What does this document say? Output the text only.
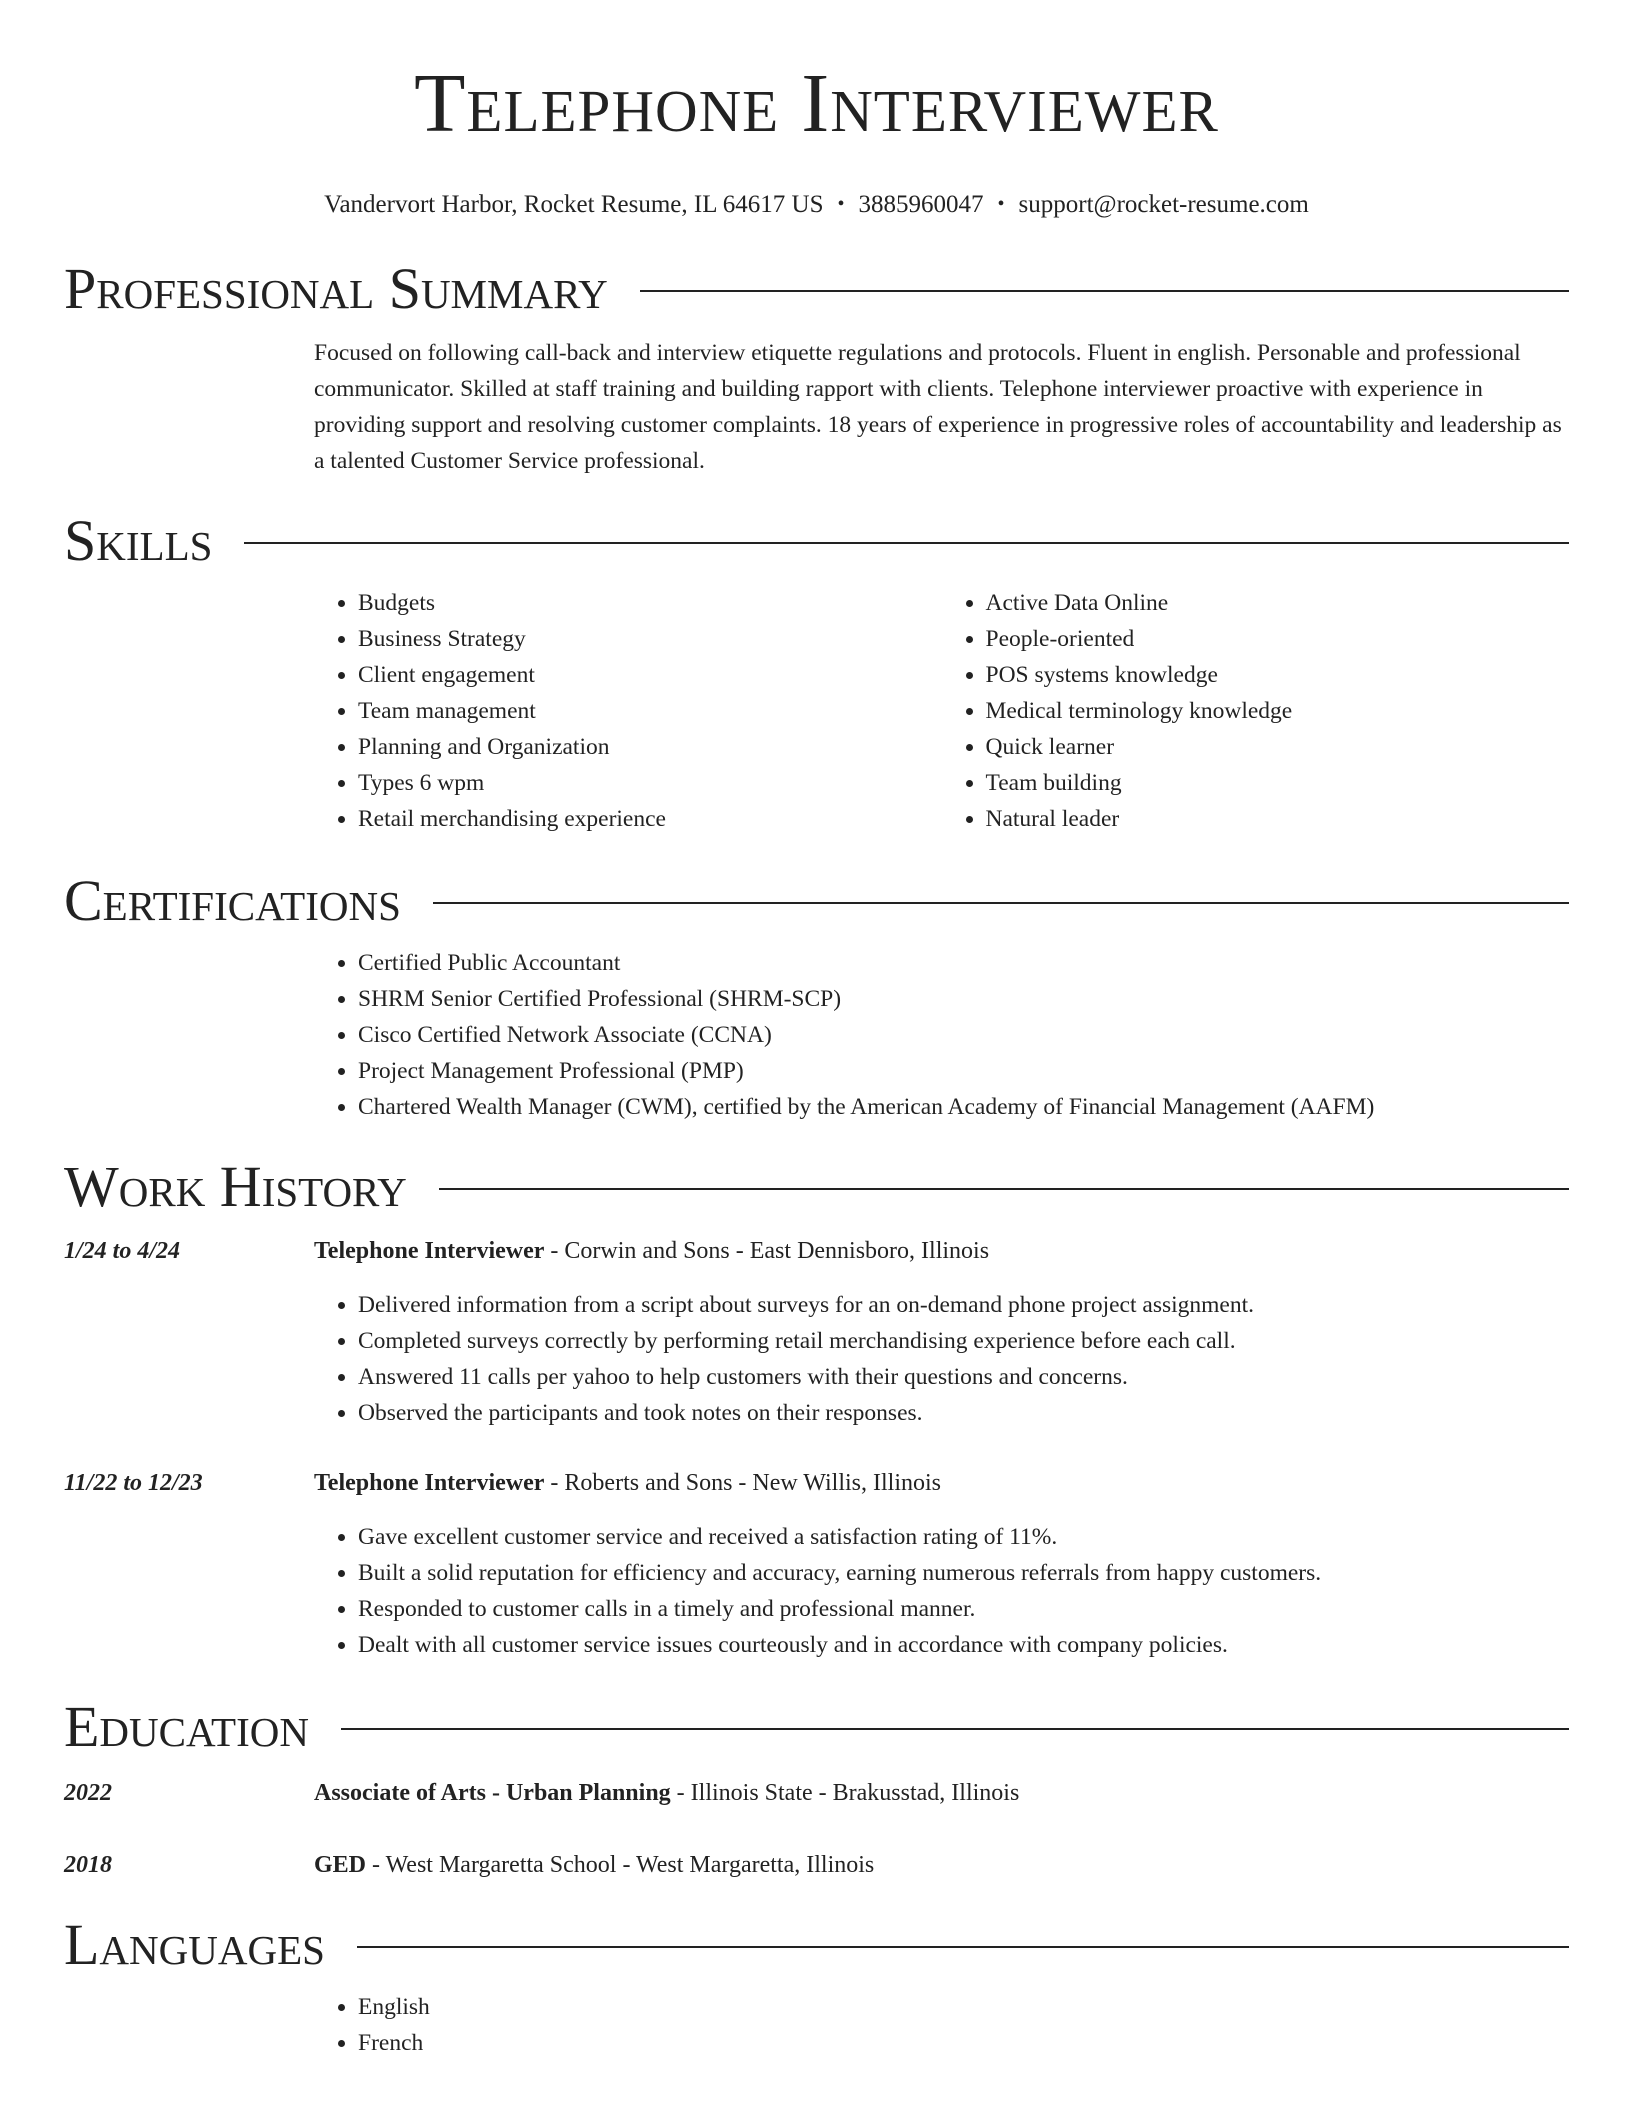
Telephone Interviewer
Vandervort Harbor, Rocket Resume, IL 64617 US • 3885960047 • support@rocket-resume.com
Professional Summary

Focused on following call-back and interview etiquette regulations and protocols. Fluent in english. Personable and professional communicator. Skilled at staff training and building rapport with clients. Telephone interviewer proactive with experience in providing support and resolving customer complaints. 18 years of experience in progressive roles of accountability and leadership as a talented Customer Service professional.

Skills
• Budgets
• Business Strategy
• Client engagement
• Team management
• Planning and Organization
• Types 6 wpm
• Retail merchandising experience
• Active Data Online
• People-oriented
• POS systems knowledge
• Medical terminology knowledge
• Quick learner
• Team building
• Natural leader
Certifications
• Certified Public Accountant
• SHRM Senior Certified Professional (SHRM-SCP)
• Cisco Certified Network Associate (CCNA)
• Project Management Professional (PMP)
• Chartered Wealth Manager (CWM), certified by the American Academy of Financial Management (AAFM)
Work History
1/24 to 4/24	Telephone Interviewer - Corwin and Sons - East Dennisboro, Illinois
• Delivered information from a script about surveys for an on-demand phone project assignment.
• Completed surveys correctly by performing retail merchandising experience before each call.
• Answered 11 calls per yahoo to help customers with their questions and concerns.
• Observed the participants and took notes on their responses.
11/22 to 12/23	Telephone Interviewer - Roberts and Sons - New Willis, Illinois
• Gave excellent customer service and received a satisfaction rating of 11%.
• Built a solid reputation for efficiency and accuracy, earning numerous referrals from happy customers.
• Responded to customer calls in a timely and professional manner.
• Dealt with all customer service issues courteously and in accordance with company policies.
Education
2022	Associate of Arts - Urban Planning - Illinois State - Brakusstad, Illinois
2018	GED - West Margaretta School - West Margaretta, Illinois
Languages
• English
• French
